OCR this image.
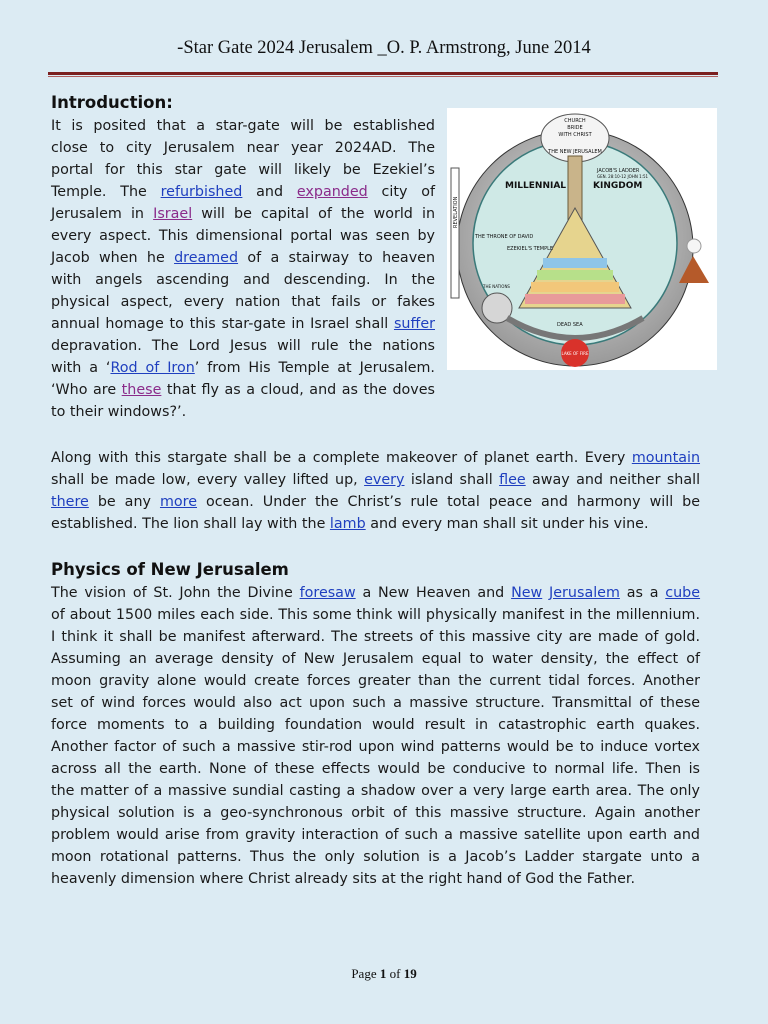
-Star Gate 2024 Jerusalem _O. P. Armstrong, June 2014
Introduction:
It is posited that a star-gate will be established
close to city Jerusalem near year 2024AD. The
portal for this star gate will likely be Ezekiel’s
Temple. The refurbished and expanded city of
Jerusalem in Israel will be capital of the world in
every aspect. This dimensional portal was seen by
Jacob when he dreamed of a stairway to heaven
with angels ascending and descending. In the
physical aspect, every nation that fails or fakes
annual homage to this star-gate in Israel shall suffer
depravation. The Lord Jesus will rule the nations
with a ‘Rod of Iron’ from His Temple at Jerusalem.
‘Who are these that fly as a cloud, and as the doves
to their windows?’.
CHURCH
BRIDE
WITH CHRIST
THE NEW JERUSALEM
JACOB'S LADDER
GEN. 28:10-12 JOHN 1:51
MILLENNIAL	KINGDOM
THE THRONE OF DAVID
EZEKIEL'S TEMPLE
THE NATIONS
DEAD SEA
LAKE OF FIRE
REVELATION
Along with this stargate shall be a complete makeover of planet earth. Every mountain
shall be made low, every valley lifted up, every island shall flee away and neither shall
there be any more ocean. Under the Christ’s rule total peace and harmony will be
established. The lion shall lay with the lamb and every man shall sit under his vine.
Physics of New Jerusalem
The vision of St. John the Divine foresaw a New Heaven and New Jerusalem as a cube
of about 1500 miles each side. This some think will physically manifest in the millennium.
I think it shall be manifest afterward. The streets of this massive city are made of gold.
Assuming an average density of New Jerusalem equal to water density, the effect of
moon gravity alone would create forces greater than the current tidal forces. Another
set of wind forces would also act upon such a massive structure. Transmittal of these
force moments to a building foundation would result in catastrophic earth quakes.
Another factor of such a massive stir-rod upon wind patterns would be to induce vortex
across all the earth. None of these effects would be conducive to normal life. Then is
the matter of a massive sundial casting a shadow over a very large earth area. The only
physical solution is a geo-synchronous orbit of this massive structure. Again another
problem would arise from gravity interaction of such a massive satellite upon earth and
moon rotational patterns. Thus the only solution is a Jacob’s Ladder stargate unto a
heavenly dimension where Christ already sits at the right hand of God the Father.
Page 1 of 19
